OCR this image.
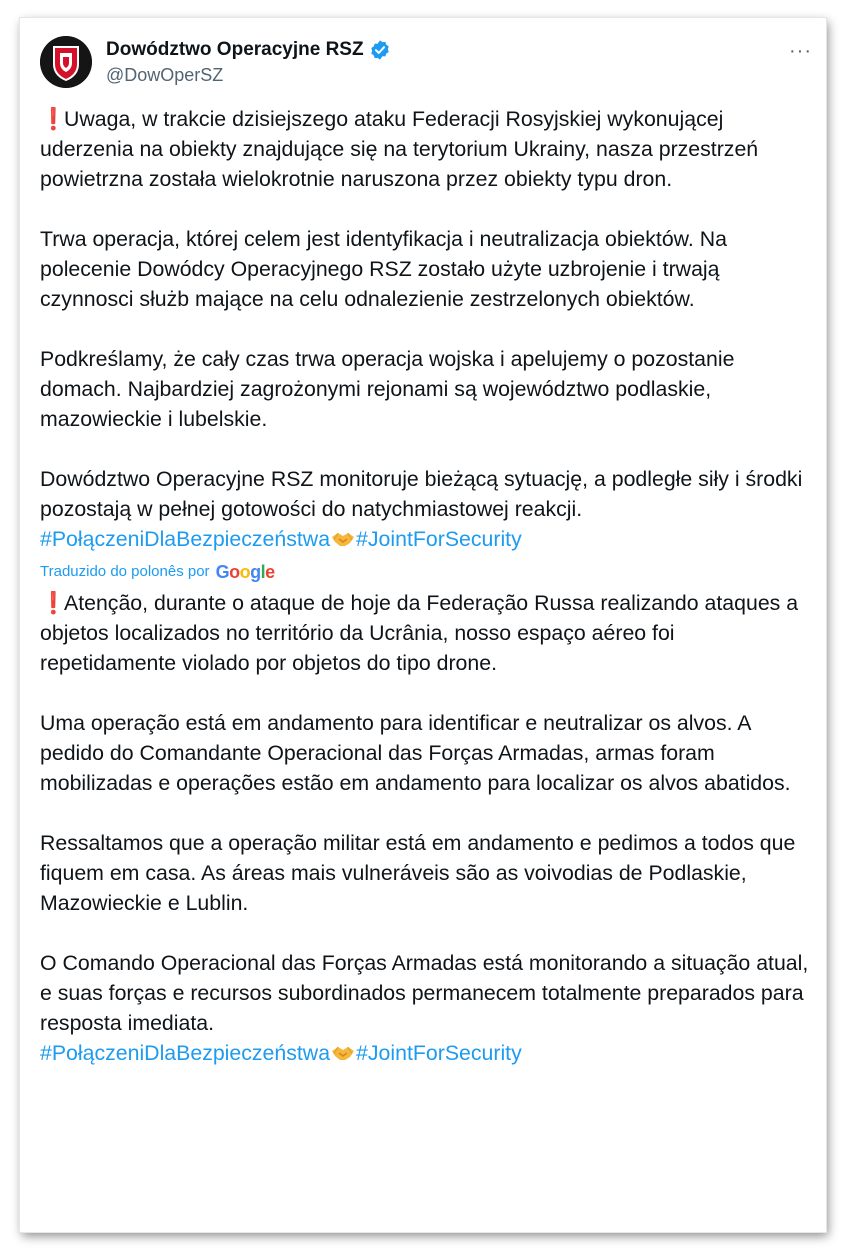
Dowództwo Operacyjne RSZ
@DowOperSZ
···

❗Uwaga, w trakcie dzisiejszego ataku Federacji Rosyjskiej wykonującej uderzenia na obiekty znajdujące się na terytorium Ukrainy, nasza przestrzeń powietrzna została wielokrotnie naruszona przez obiekty typu dron.

Trwa operacja, której celem jest identyfikacja i neutralizacja obiektów. Na polecenie Dowódcy Operacyjnego RSZ zostało użyte uzbrojenie i trwają czynnosci służb mające na celu odnalezienie zestrzelonych obiektów.

Podkreślamy, że cały czas trwa operacja wojska i apelujemy o pozostanie domach. Najbardziej zagrożonymi rejonami są województwo podlaskie, mazowieckie i lubelskie.

Dowództwo Operacyjne RSZ monitoruje bieżącą sytuację, a podległe siły i środki pozostają w pełnej gotowości do natychmiastowej reakcji.
#PołączeniDlaBezpieczeństwa #JointForSecurity

Traduzido do polonês por Google

❗Atenção, durante o ataque de hoje da Federação Russa realizando ataques a objetos localizados no território da Ucrânia, nosso espaço aéreo foi repetidamente violado por objetos do tipo drone.

Uma operação está em andamento para identificar e neutralizar os alvos. A pedido do Comandante Operacional das Forças Armadas, armas foram mobilizadas e operações estão em andamento para localizar os alvos abatidos.

Ressaltamos que a operação militar está em andamento e pedimos a todos que fiquem em casa. As áreas mais vulneráveis são as voivodias de Podlaskie, Mazowieckie e Lublin.

O Comando Operacional das Forças Armadas está monitorando a situação atual, e suas forças e recursos subordinados permanecem totalmente preparados para resposta imediata.
#PołączeniDlaBezpieczeństwa #JointForSecurity
